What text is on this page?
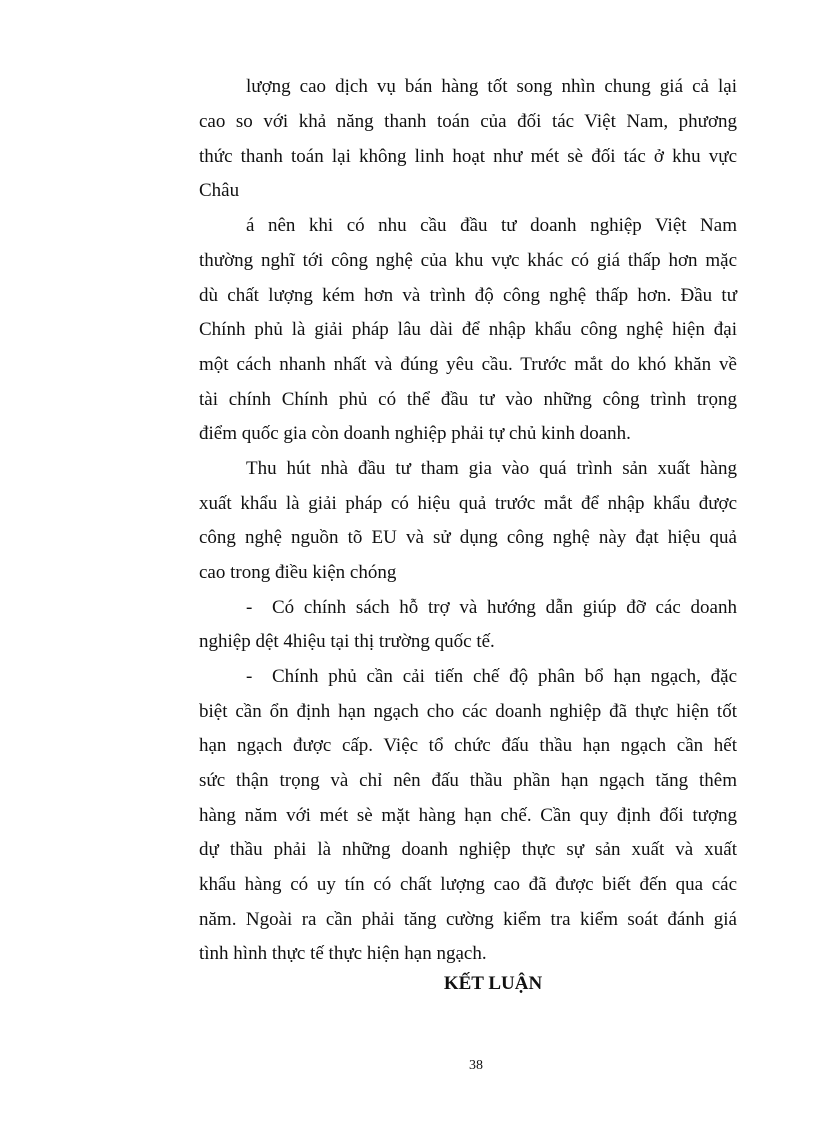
lượng cao dịch vụ bán hàng tốt song nhìn chung giá cả lại
cao so với khả năng thanh toán của đối tác Việt Nam, phương
thức thanh toán lại không linh hoạt như mét sè đối tác ở khu vực
Châu
á nên khi có nhu cầu đầu tư doanh nghiệp Việt Nam
thường nghĩ tới công nghệ của khu vực khác có giá thấp hơn mặc
dù chất lượng kém hơn và trình độ công nghệ thấp hơn. Đầu tư
Chính phủ là giải pháp lâu dài để nhập khẩu công nghệ hiện đại
một cách nhanh nhất và đúng yêu cầu. Trước mắt do khó khăn về
tài chính Chính phủ có thể đầu tư vào những công trình trọng
điểm quốc gia còn doanh nghiệp phải tự chủ kinh doanh.
Thu hút nhà đầu tư tham gia vào quá trình sản xuất hàng
xuất khẩu là giải pháp có hiệu quả trước mắt để nhập khẩu được
công nghệ nguồn tõ EU và sử dụng công nghệ này đạt hiệu quả
cao trong điều kiện chóng
- Có chính sách hỗ trợ và hướng dẫn giúp đỡ các doanh
nghiệp dệt 4hiệu tại thị trường quốc tế.
- Chính phủ cần cải tiến chế độ phân bổ hạn ngạch, đặc
biệt cần ổn định hạn ngạch cho các doanh nghiệp đã thực hiện tốt
hạn ngạch được cấp. Việc tổ chức đấu thầu hạn ngạch cần hết
sức thận trọng và chỉ nên đấu thầu phần hạn ngạch tăng thêm
hàng năm với mét sè mặt hàng hạn chế. Cần quy định đối tượng
dự thầu phải là những doanh nghiệp thực sự sản xuất và xuất
khẩu hàng có uy tín có chất lượng cao đã được biết đến qua các
năm. Ngoài ra cần phải tăng cường kiểm tra kiểm soát đánh giá
tình hình thực tế thực hiện hạn ngạch.
KẾT LUẬN
38
